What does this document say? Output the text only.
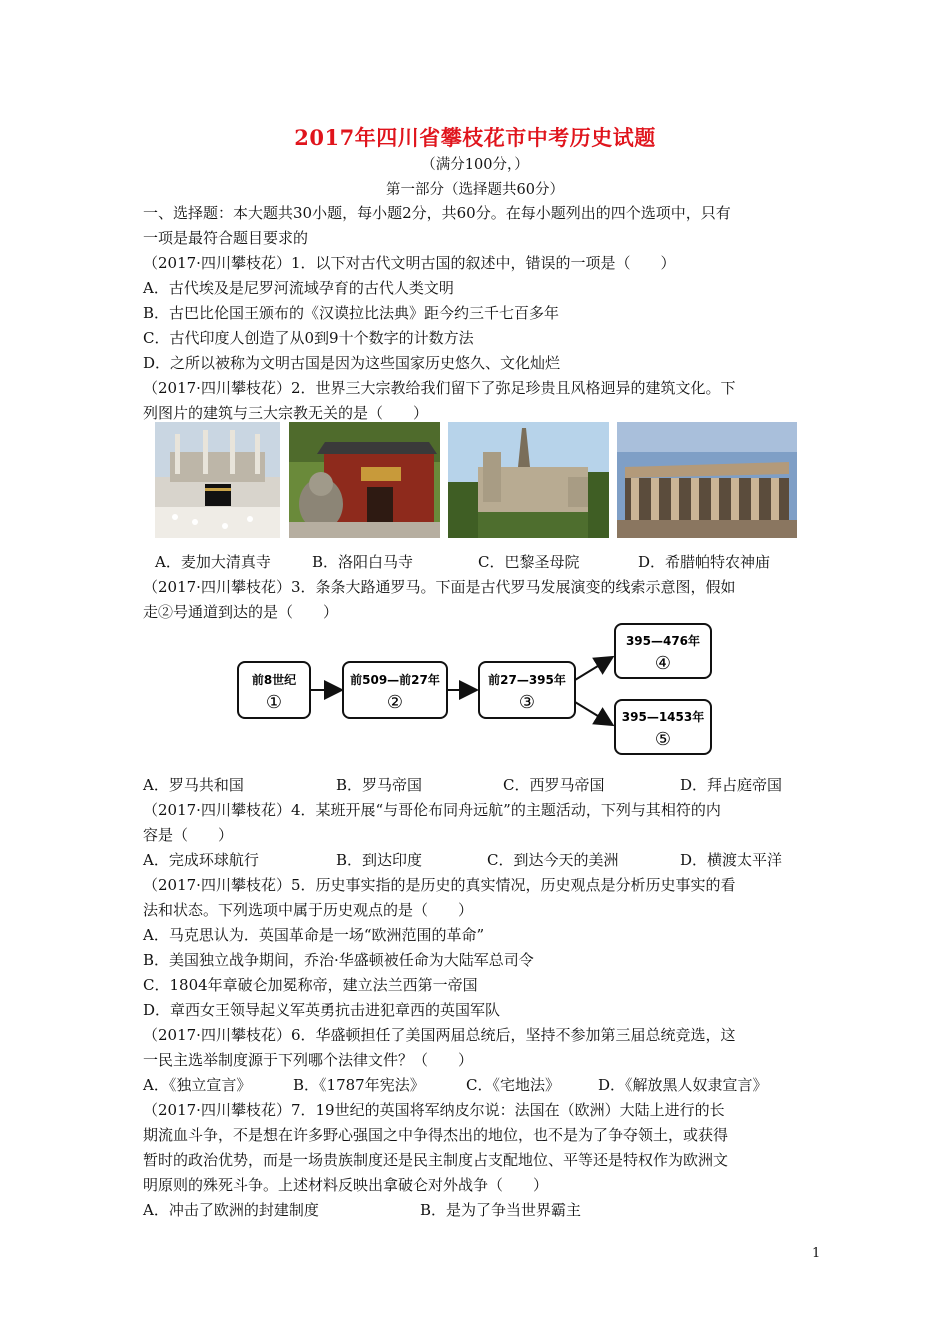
2017年四川省攀枝花市中考历史试题
（满分100分，）
第一部分（选择题共60分）
一、选择题：本大题共30小题，每小题2分，共60分。在每小题列出的四个选项中，只有
一项是最符合题目要求的
（2017·四川攀枝花）1．以下对古代文明古国的叙述中，错误的一项是（　　）
A．古代埃及是尼罗河流域孕育的古代人类文明
B．古巴比伦国王颁布的《汉谟拉比法典》距今约三千七百多年
C．古代印度人创造了从0到9十个数字的计数方法
D．之所以被称为文明古国是因为这些国家历史悠久、文化灿烂
（2017·四川攀枝花）2．世界三大宗教给我们留下了弥足珍贵且风格迥异的建筑文化。下
列图片的建筑与三大宗教无关的是（　　）
A．麦加大清真寺	B．洛阳白马寺	C．巴黎圣母院	D．希腊帕特农神庙
（2017·四川攀枝花）3．条条大路通罗马。下面是古代罗马发展演变的线索示意图，假如
走②号通道到达的是（　　）
前8世纪
①
前509—前27年
②
前27—395年
③
395—476年
④
395—1453年
⑤
A．罗马共和国	B．罗马帝国	C．西罗马帝国	D．拜占庭帝国
（2017·四川攀枝花）4．某班开展“与哥伦布同舟远航”的主题活动，下列与其相符的内
容是（　　）
A．完成环球航行	B．到达印度	C．到达今天的美洲	D．横渡太平洋
（2017·四川攀枝花）5．历史事实指的是历史的真实情况，历史观点是分析历史事实的看
法和状态。下列选项中属于历史观点的是（　　）
A．马克思认为．英国革命是一场“欧洲范围的革命”
B．美国独立战争期间，乔治·华盛顿被任命为大陆军总司令
C．1804年章破仑加冕称帝，建立法兰西第一帝国
D．章西女王领导起义军英勇抗击进犯章西的英国军队
（2017·四川攀枝花）6．华盛顿担任了美国两届总统后，坚持不参加第三届总统竞选，这
一民主选举制度源于下列哪个法律文件？（　　）
A．《独立宣言》	B．《1787年宪法》	C．《宅地法》	D．《解放黑人奴隶宣言》
（2017·四川攀枝花）7．19世纪的英国将军纳皮尔说：法国在（欧洲）大陆上进行的长
期流血斗争，不是想在许多野心强国之中争得杰出的地位，也不是为了争夺领土，或获得
暂时的政治优势，而是一场贵族制度还是民主制度占支配地位、平等还是特权作为欧洲文
明原则的殊死斗争。上述材料反映出拿破仑对外战争（　　）
A．冲击了欧洲的封建制度	B．是为了争当世界霸主
1
